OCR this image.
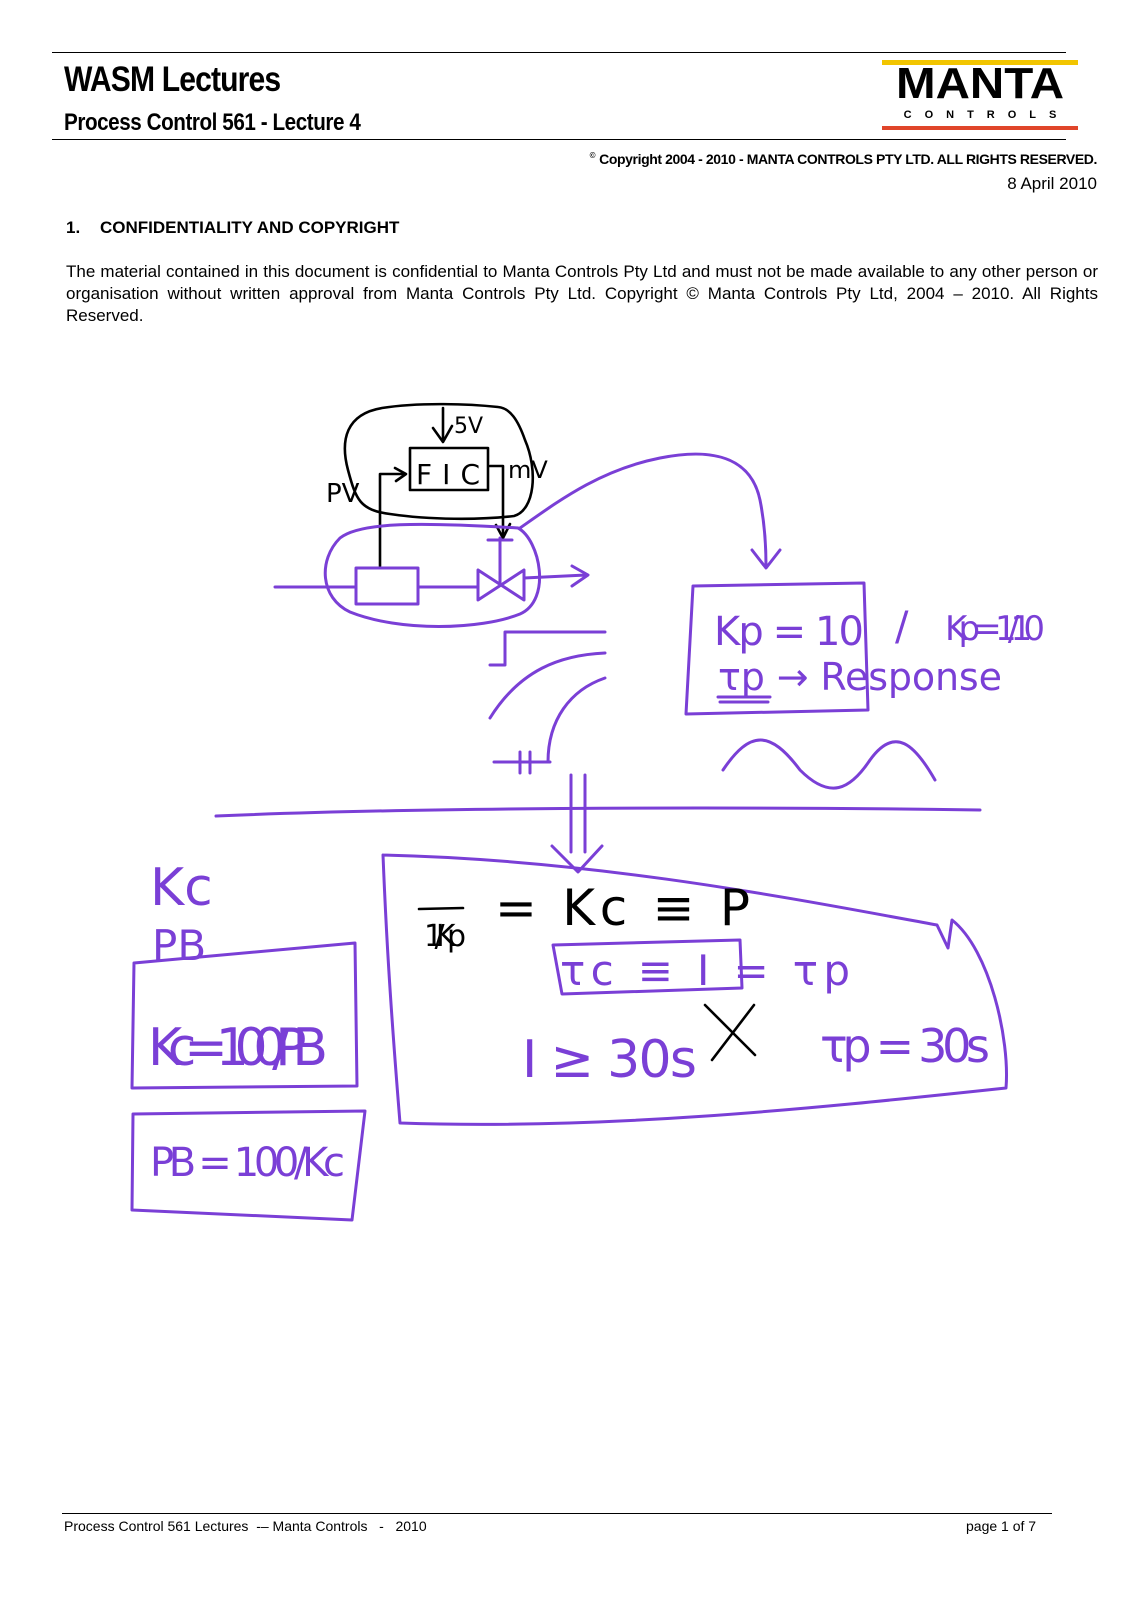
WASM Lectures
Process Control 561 - Lecture 4
MANTA
CONTROLS
© Copyright 2004 - 2010 - MANTA CONTROLS PTY LTD. ALL RIGHTS RESERVED.
8 April 2010
1. CONFIDENTIALITY AND COPYRIGHT

The material contained in this document is confidential to Manta Controls Pty Ltd and must not be made available to any other person or organisation without written approval from Manta Controls Pty Ltd. Copyright © Manta Controls Pty Ltd, 2004 – 2010. All Rights Reserved.

5V
FIC
PV
mV
Kp = 10 / Kp = 1/10
τp → Response
Kc
PB
Kc = 100/PB
PB = 100/Kc
τc ≡ I = τp
I ≥ 30s	τp = 30s
1/Kp = Kc ≡ P
Process Control 561 Lectures  -– Manta Controls   -   2010	page 1 of 7
